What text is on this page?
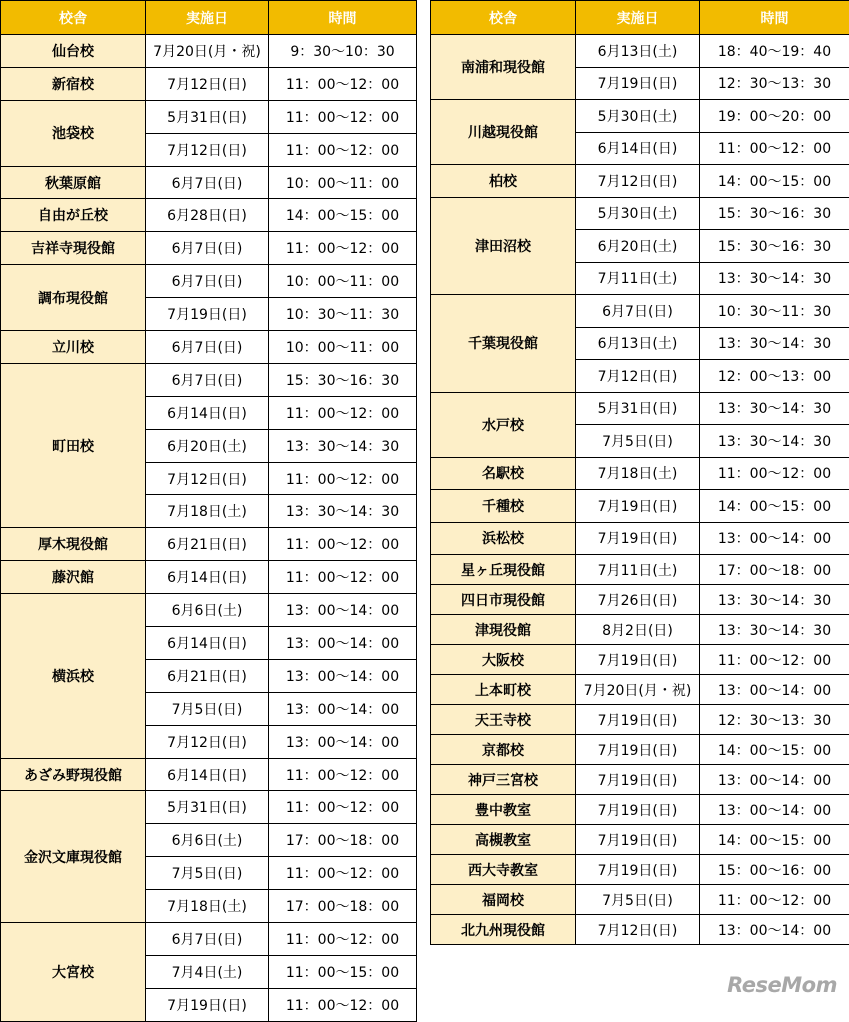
校舎	実施日	時間
仙台校	7月20日(月・祝)	9：30～10：30
新宿校	7月12日(日)	11：00～12：00
池袋校	5月31日(日)	11：00～12：00
	7月12日(日)	11：00～12：00
秋葉原館	6月7日(日)	10：00～11：00
自由が丘校	6月28日(日)	14：00～15：00
吉祥寺現役館	6月7日(日)	11：00～12：00
調布現役館	6月7日(日)	10：00～11：00
	7月19日(日)	10：30～11：30
立川校	6月7日(日)	10：00～11：00
町田校	6月7日(日)	15：30～16：30
	6月14日(日)	11：00～12：00
	6月20日(土)	13：30～14：30
	7月12日(日)	11：00～12：00
	7月18日(土)	13：30～14：30
厚木現役館	6月21日(日)	11：00～12：00
藤沢館	6月14日(日)	11：00～12：00
横浜校	6月6日(土)	13：00～14：00
	6月14日(日)	13：00～14：00
	6月21日(日)	13：00～14：00
	7月5日(日)	13：00～14：00
	7月12日(日)	13：00～14：00
あざみ野現役館	6月14日(日)	11：00～12：00
金沢文庫現役館	5月31日(日)	11：00～12：00
	6月6日(土)	17：00～18：00
	7月5日(日)	11：00～12：00
	7月18日(土)	17：00～18：00
大宮校	6月7日(日)	11：00～12：00
	7月4日(土)	11：00～15：00
	7月19日(日)	11：00～12：00
校舎	実施日	時間
南浦和現役館	6月13日(土)	18：40～19：40
	7月19日(日)	12：30～13：30
川越現役館	5月30日(土)	19：00～20：00
	6月14日(日)	11：00～12：00
柏校	7月12日(日)	14：00～15：00
津田沼校	5月30日(土)	15：30～16：30
	6月20日(土)	15：30～16：30
	7月11日(土)	13：30～14：30
千葉現役館	6月7日(日)	10：30～11：30
	6月13日(土)	13：30～14：30
	7月12日(日)	12：00～13：00
水戸校	5月31日(日)	13：30～14：30
	7月5日(日)	13：30～14：30
名駅校	7月18日(土)	11：00～12：00
千種校	7月19日(日)	14：00～15：00
浜松校	7月19日(日)	13：00～14：00
星ヶ丘現役館	7月11日(土)	17：00～18：00
四日市現役館	7月26日(日)	13：30～14：30
津現役館	8月2日(日)	13：30～14：30
大阪校	7月19日(日)	11：00～12：00
上本町校	7月20日(月・祝)	13：00～14：00
天王寺校	7月19日(日)	12：30～13：30
京都校	7月19日(日)	14：00～15：00
神戸三宮校	7月19日(日)	13：00～14：00
豊中教室	7月19日(日)	13：00～14：00
高槻教室	7月19日(日)	14：00～15：00
西大寺教室	7月19日(日)	15：00～16：00
福岡校	7月5日(日)	11：00～12：00
北九州現役館	7月12日(日)	13：00～14：00
ReseMom
